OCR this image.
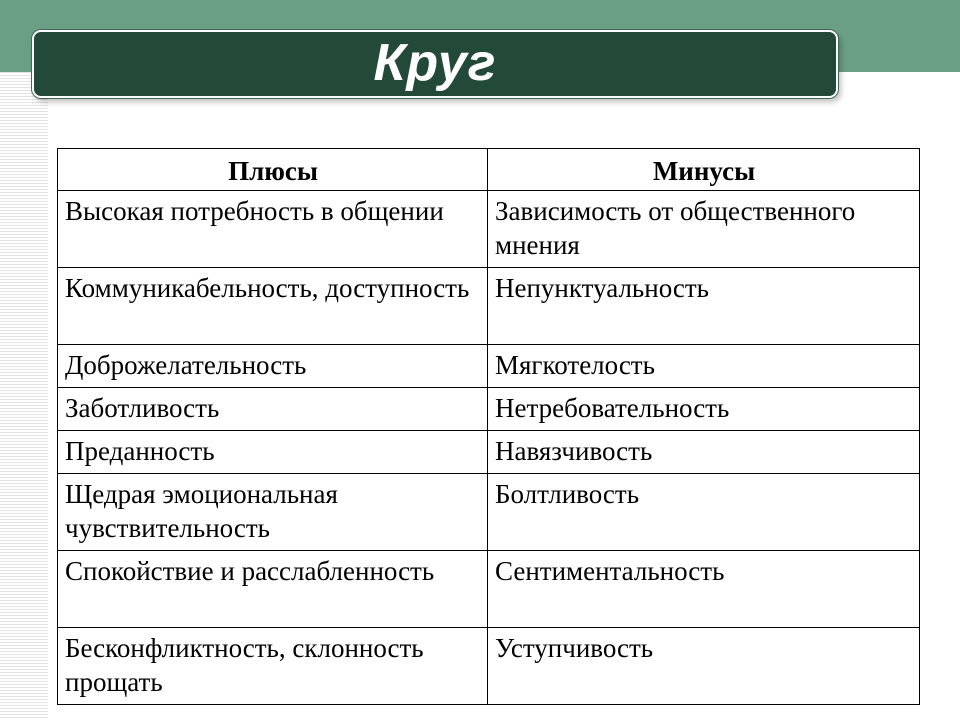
Круг
Плюсы	Минусы
Высокая потребность в общении	Зависимость от общественного мнения
Коммуникабельность, доступность	Непунктуальность
Доброжелательность	Мягкотелость
Заботливость	Нетребовательность
Преданность	Навязчивость
Щедрая эмоциональная чувствительность	Болтливость
Спокойствие и расслабленность	Сентиментальность
Бесконфликтность, склонность прощать	Уступчивость
